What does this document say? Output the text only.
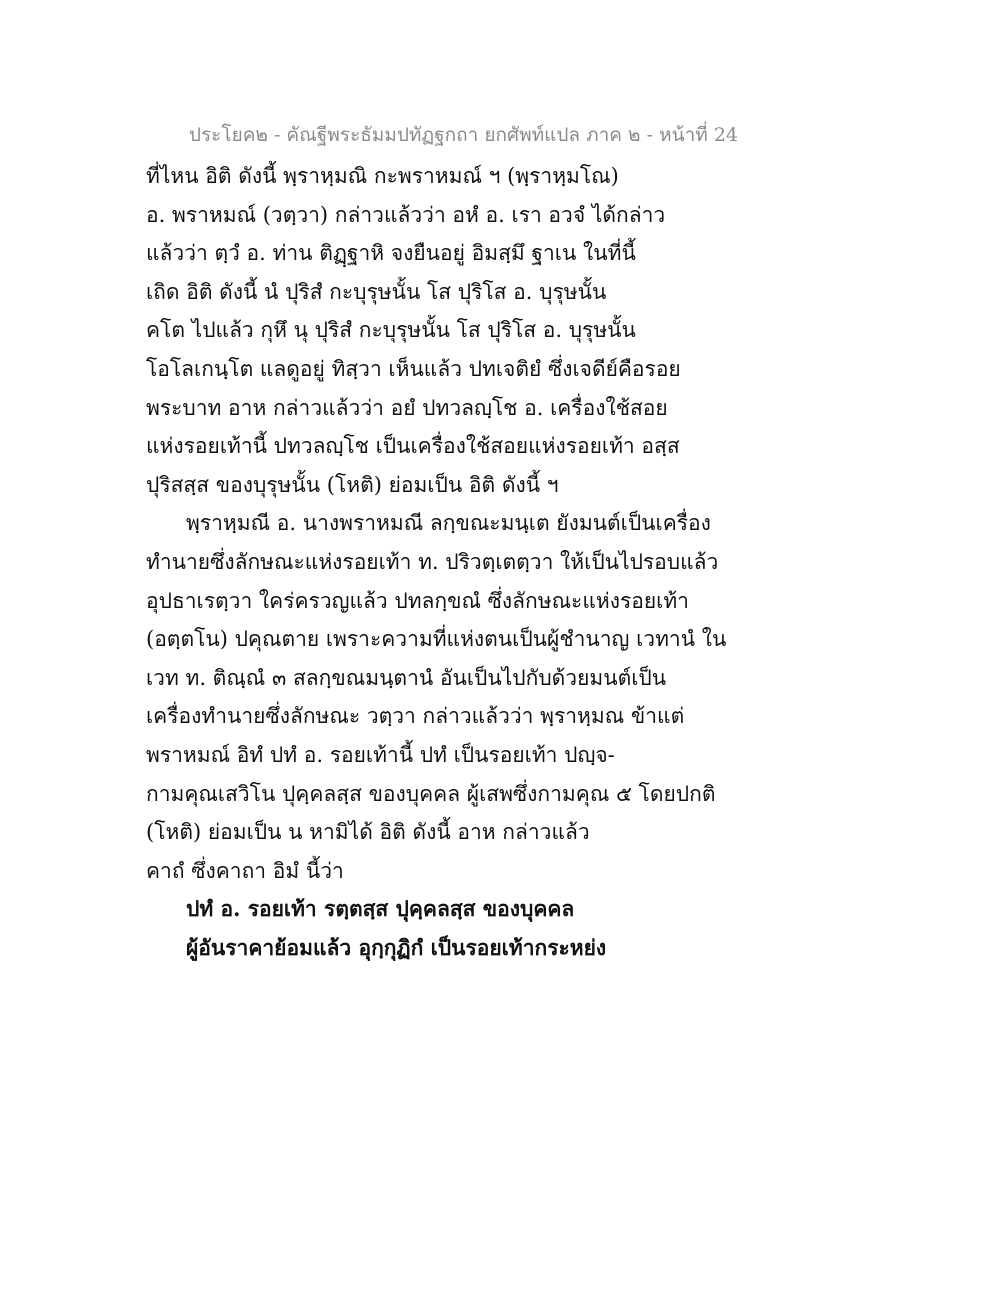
ประโยค๒ - คัณฐีพระธัมมปทัฏฐกถา ยกศัพท์แปล ภาค ๒ - หน้าที่ 24
ที่ไหน อิติ ดังนี้ พฺราหฺมณิ กะพราหมณ์ ฯ (พฺราหฺมโณ)
อ. พราหมณ์ (วตฺวา) กล่าวแล้วว่า อหํ อ. เรา อวจํ ได้กล่าว
แล้วว่า ตฺวํ อ. ท่าน ติฏฺฐาหิ จงยืนอยู่ อิมสฺมึ ฐาเน ในที่นี้
เถิด อิติ ดังนี้ นํ ปุริสํ กะบุรุษนั้น โส ปุริโส อ. บุรุษนั้น
คโต ไปแล้ว กุหึ นุ ปุริสํ กะบุรุษนั้น โส ปุริโส อ. บุรุษนั้น
โอโลเกนฺโต แลดูอยู่ ทิสฺวา เห็นแล้ว ปทเจติยํ ซึ่งเจดีย์คือรอย
พระบาท อาห กล่าวแล้วว่า อยํ ปทวลญฺโช อ. เครื่องใช้สอย
แห่งรอยเท้านี้ ปทวลญฺโช เป็นเครื่องใช้สอยแห่งรอยเท้า อสฺส
ปุริสสฺส ของบุรุษนั้น (โหติ) ย่อมเป็น อิติ ดังนี้ ฯ
พฺราหฺมณี อ. นางพราหมณี ลกฺขณะมนฺเต ยังมนต์เป็นเครื่อง
ทำนายซึ่งลักษณะแห่งรอยเท้า ท. ปริวตฺเตตฺวา ให้เป็นไปรอบแล้ว
อุปธาเรตฺวา ใคร่ครวญแล้ว ปทลกฺขณํ ซึ่งลักษณะแห่งรอยเท้า
(อตฺตโน) ปคุณตาย เพราะความที่แห่งตนเป็นผู้ชำนาญ เวทานํ ใน
เวท ท. ติณฺณํ ๓ สลกฺขณมนฺตานํ อันเป็นไปกับด้วยมนต์เป็น
เครื่องทำนายซึ่งลักษณะ วตฺวา กล่าวแล้วว่า พฺราหฺมณ ข้าแต่
พราหมณ์ อิทํ ปทํ อ. รอยเท้านี้ ปทํ เป็นรอยเท้า ปญฺจ-
กามคุณเสวิโน ปุคฺคลสฺส ของบุคคล ผู้เสพซึ่งกามคุณ ๕ โดยปกติ
(โหติ) ย่อมเป็น น หามิได้ อิติ ดังนี้ อาห กล่าวแล้ว
คาถํ ซึ่งคาถา อิมํ นี้ว่า
ปทํ อ. รอยเท้า รตฺตสฺส ปุคฺคลสฺส ของบุคคล
ผู้อันราคาย้อมแล้ว อุกฺกุฏิกํ เป็นรอยเท้ากระหย่ง
